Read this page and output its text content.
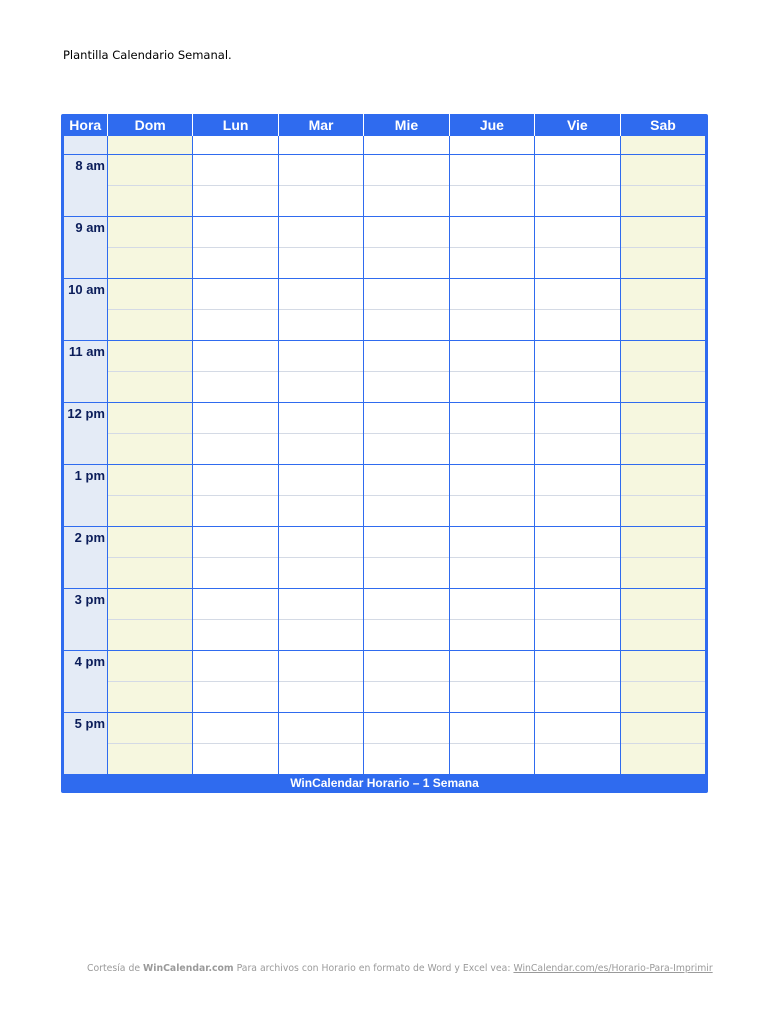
Plantilla Calendario Semanal.
Hora	Dom	Lun	Mar	Mie	Jue	Vie	Sab

8 am							

9 am							

10 am							

11 am							

12 pm							

1 pm							

2 pm							

3 pm							

4 pm							

5 pm							

WinCalendar Horario – 1 Semana
Cortesía de WinCalendar.com Para archivos con Horario en formato de Word y Excel vea: WinCalendar.com/es/Horario-Para-Imprimir
